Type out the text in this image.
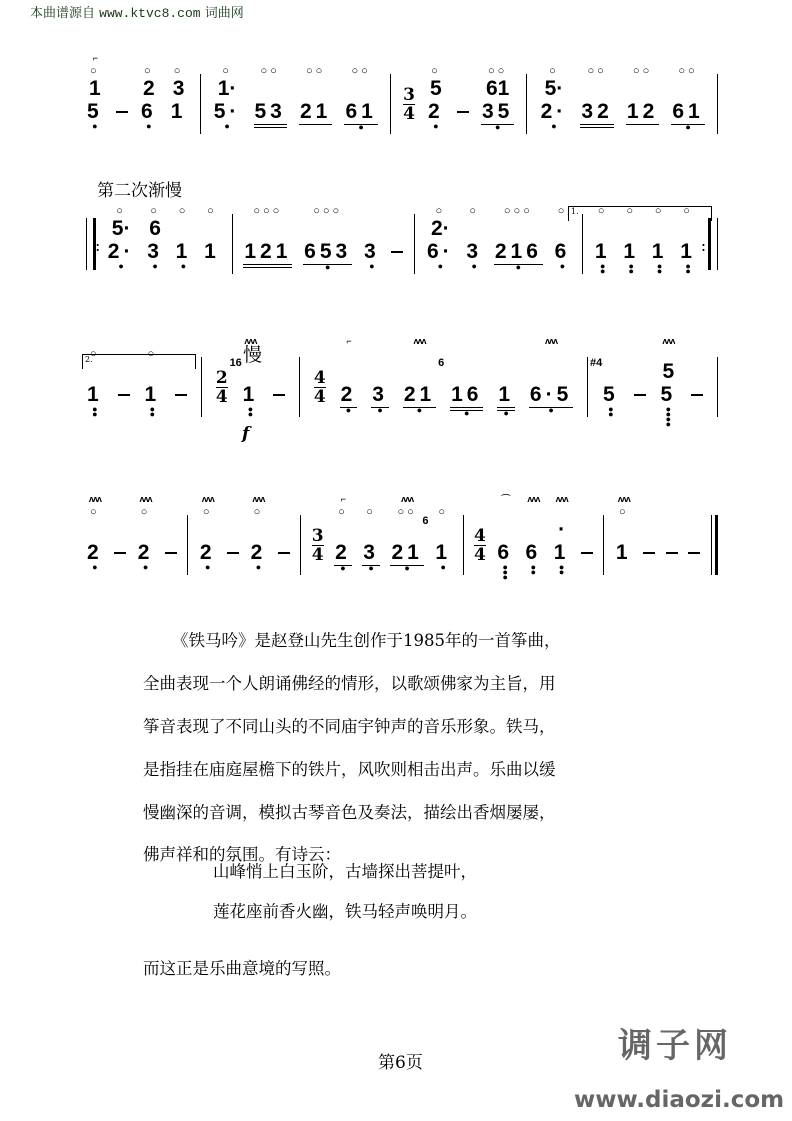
本曲谱源自 www.ktvc8.com 词曲网
⌐
○
1
5
●
○
2
6
●
○
3
1
○
1·
5·
●
○○
53
○○
21
○○
61
●
3
4
○
5
2
●
○○
61
35
●
○
5·
2·
●
○○
32
○○
12
○○
61
●
第二次渐慢
1.
:
○
5·
2·
●
○
6
3
●
○
1
●
○
1
○○○
121
○○○
653
●
3
●
○
2·
6·
●
○
3
●
○○○
216
●
○
6
●
○
1
●
●
○
1
●
●
○
1
●
●
○
1
●
●
:
2.	慢
○
1
●
●
○
1
●
●
2
4
ʌʌʌ
1
●
●
16
4
4
⌐
2
●
3
●
ʌʌʌ
21
●
16
●
6
1
●
ʌʌʌ
6·5
●
5
●
●
#4
ʌʌʌ
5
5
●
●
●
●
f
ʌʌʌ
○
2
●
ʌʌʌ
○
2
●
ʌʌʌ
○
2
●
ʌʌʌ
○
2
●
3
4
⌐
○
2
●
○
3
●
ʌʌʌ
○○
21
●
○
1
●
6
4
4
⌒
6
●
●
●
ʌʌʌ
6
●
●
ʌʌʌ
·
1
●
●
ʌʌʌ
○
1
《铁马吟》是赵登山先生创作于1985年的一首筝曲，
全曲表现一个人朗诵佛经的情形，以歌颂佛家为主旨，用
筝音表现了不同山头的不同庙宇钟声的音乐形象。铁马，
是指挂在庙庭屋檐下的铁片，风吹则相击出声。乐曲以缓
慢幽深的音调，模拟古琴音色及奏法，描绘出香烟屡屡，
佛声祥和的氛围。有诗云：
山峰悄上白玉阶，古墙探出菩提叶，
莲花座前香火幽，铁马轻声唤明月。
而这正是乐曲意境的写照。
第6页	调子网
www.diaozi.com
